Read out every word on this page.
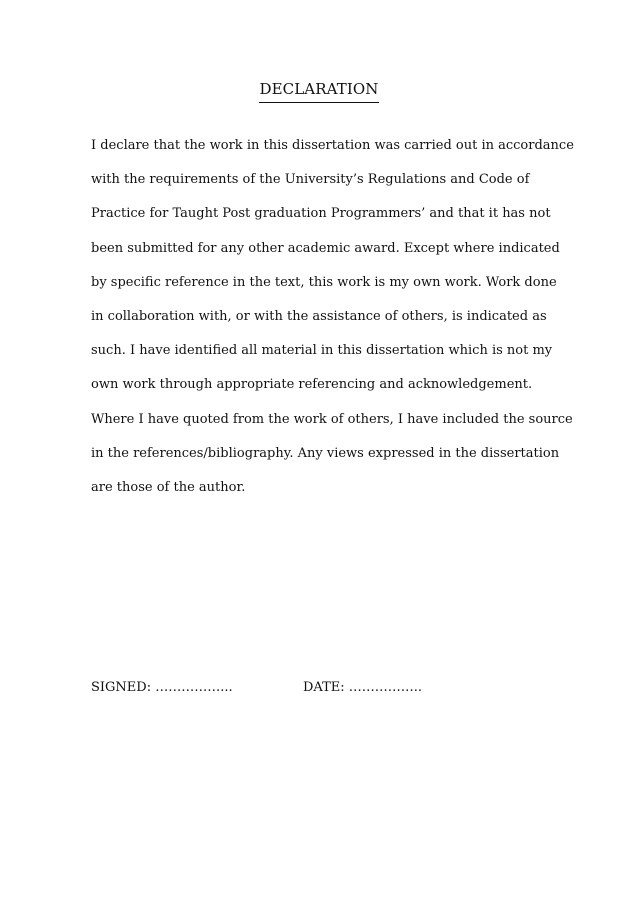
DECLARATION
I declare that the work in this dissertation was carried out in accordance
with the requirements of the University’s Regulations and Code of
Practice for Taught Post graduation Programmers’ and that it has not
been submitted for any other academic award. Except where indicated
by specific reference in the text, this work is my own work. Work done
in collaboration with, or with the assistance of others, is indicated as
such. I have identified all material in this dissertation which is not my
own work through appropriate referencing and acknowledgement.
Where I have quoted from the work of others, I have included the source
in the references/bibliography. Any views expressed in the dissertation
are those of the author.
SIGNED: ……………...	DATE: ……………..
